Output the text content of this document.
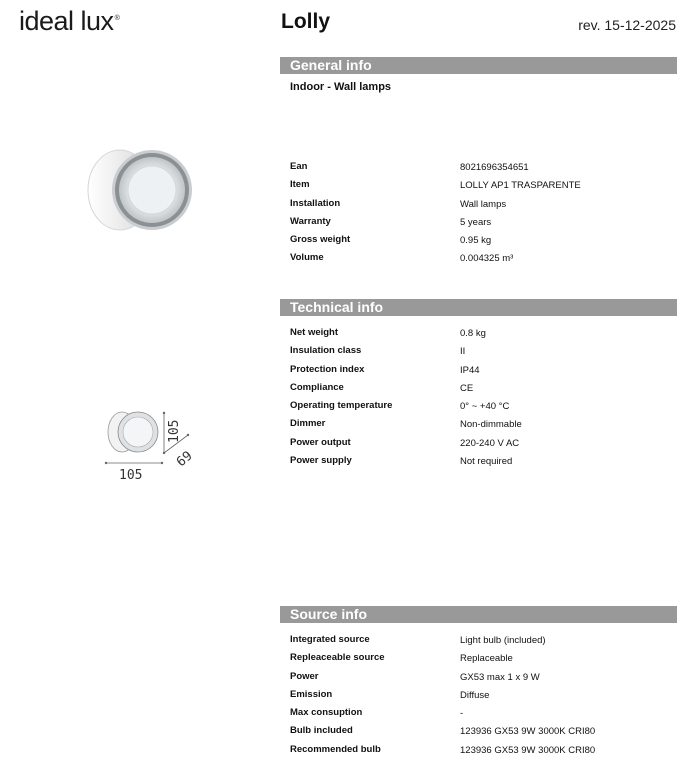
ideal lux®	Lolly	rev. 15-12-2025
105
69
105
General info
Indoor - Wall lamps
Ean	8021696354651
Item	LOLLY AP1 TRASPARENTE
Installation	Wall lamps
Warranty	5 years
Gross weight	0.95 kg
Volume	0.004325 m³
Technical info
Net weight	0.8 kg
Insulation class	II
Protection index	IP44
Compliance	CE
Operating temperature	0° ~ +40 °C
Dimmer	Non-dimmable
Power output	220-240 V AC
Power supply	Not required
Source info
Integrated source	Light bulb (included)
Repleaceable source	Replaceable
Power	GX53 max 1 x 9 W
Emission	Diffuse
Max consuption	-
Bulb included	123936 GX53 9W 3000K CRI80
Recommended bulb	123936 GX53 9W 3000K CRI80
